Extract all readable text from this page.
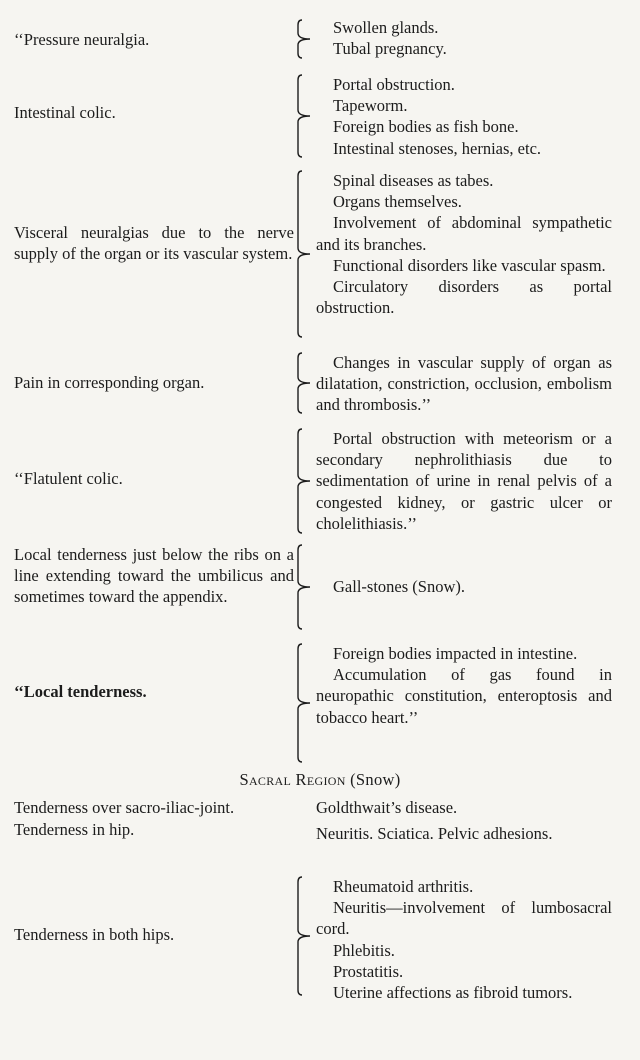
‘‘Pressure neuralgia.

Swollen glands.

Tubal pregnancy.

Intestinal colic.

Portal obstruction.

Tapeworm.

Foreign bodies as fish bone.

Intestinal stenoses, hernias, etc.

Visceral neuralgias due to the nerve supply of the organ or its vascular system.

Spinal diseases as tabes.

Organs themselves.

Involvement of abdominal sympathetic and its branches.

Functional disorders like vascular spasm.

Circulatory disorders as portal obstruction.

Pain in corresponding organ.

Changes in vascular supply of organ as dilatation, constriction, occlusion, embolism and thrombosis.’’

‘‘Flatulent colic.

Portal obstruction with meteorism or a secondary nephrolithiasis due to sedimentation of urine in renal pelvis of a congested kidney, or gastric ulcer or cholelithiasis.’’

Local tenderness just below the ribs on a line extending toward the umbilicus and sometimes toward the appendix.

Gall-stones (Snow).

‘‘Local tenderness.

Foreign bodies impacted in intestine.

Accumulation of gas found in neuropathic constitution, enteroptosis and tobacco heart.’’

Sacral Region (Snow)
Tenderness over sacro-iliac-joint.	Goldthwait’s disease.

Tenderness in hip.	Neuritis. Sciatica. Pelvic adhesions.

Tenderness in both hips.

Rheumatoid arthritis.

Neuritis—involvement of lumbosacral cord.

Phlebitis.

Prostatitis.

Uterine affections as fibroid tumors.
